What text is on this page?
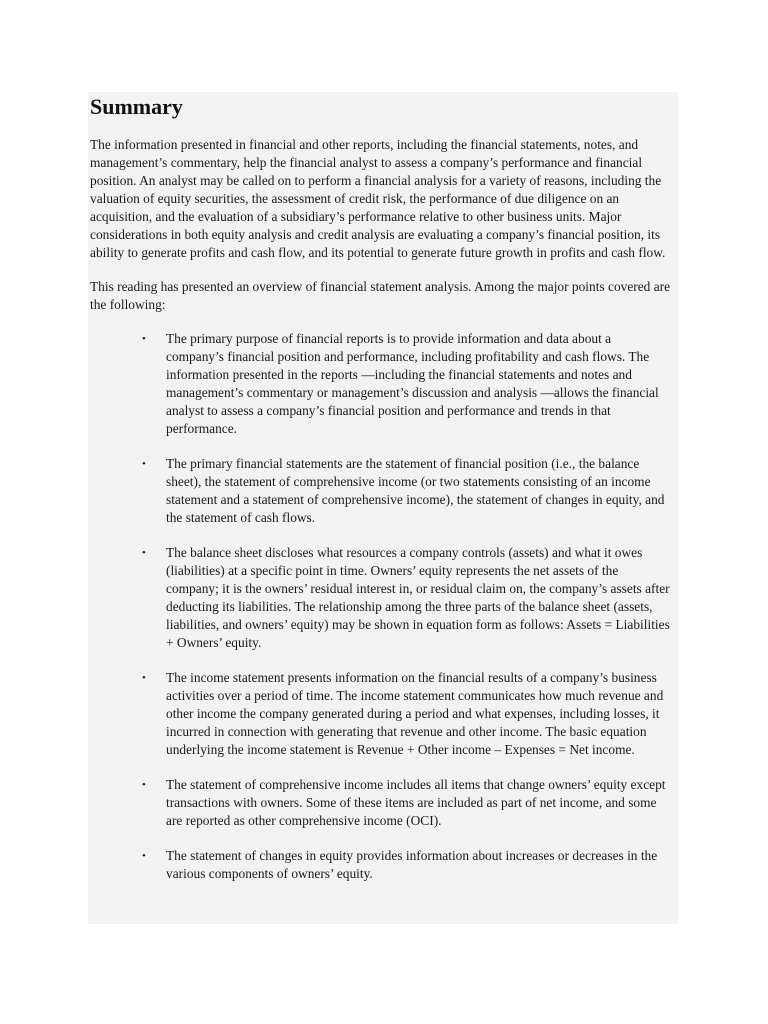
Summary

The information presented in financial and other reports, including the financial statements, notes, and management’s commentary, help the financial analyst to assess a company’s performance and financial position. An analyst may be called on to perform a financial analysis for a variety of reasons, including the valuation of equity securities, the assessment of credit risk, the performance of due diligence on an acquisition, and the evaluation of a subsidiary’s performance relative to other business units. Major considerations in both equity analysis and credit analysis are evaluating a company’s financial position, its ability to generate profits and cash flow, and its potential to generate future growth in profits and cash flow.

This reading has presented an overview of financial statement analysis. Among the major points covered are the following:

• The primary purpose of financial reports is to provide information and data about a company’s financial position and performance, including profitability and cash flows. The information presented in the reports —including the financial statements and notes and management’s commentary or management’s discussion and analysis —allows the financial analyst to assess a company’s financial position and performance and trends in that performance.
• The primary financial statements are the statement of financial position (i.e., the balance sheet), the statement of comprehensive income (or two statements consisting of an income statement and a statement of comprehensive income), the statement of changes in equity, and the statement of cash flows.
• The balance sheet discloses what resources a company controls (assets) and what it owes (liabilities) at a specific point in time. Owners’ equity represents the net assets of the company; it is the owners’ residual interest in, or residual claim on, the company’s assets after deducting its liabilities. The relationship among the three parts of the balance sheet (assets, liabilities, and owners’ equity) may be shown in equation form as follows: Assets = Liabilities + Owners’ equity.
• The income statement presents information on the financial results of a company’s business activities over a period of time. The income statement communicates how much revenue and other income the company generated during a period and what expenses, including losses, it incurred in connection with generating that revenue and other income. The basic equation underlying the income statement is Revenue + Other income – Expenses = Net income.
• The statement of comprehensive income includes all items that change owners’ equity except transactions with owners. Some of these items are included as part of net income, and some are reported as other comprehensive income (OCI).
• The statement of changes in equity provides information about increases or decreases in the various components of owners’ equity.
